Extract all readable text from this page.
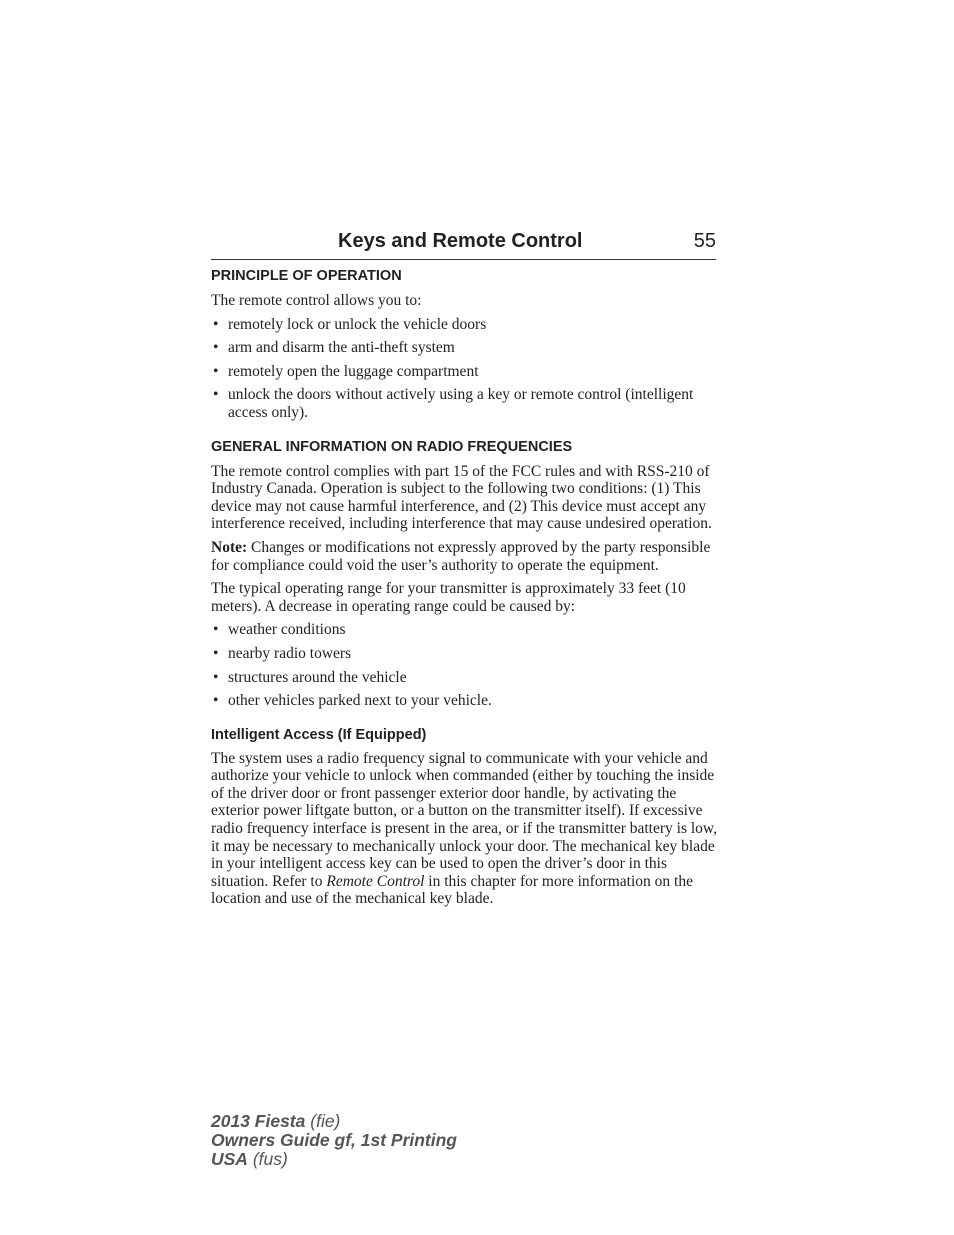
Keys and Remote Control	55
PRINCIPLE OF OPERATION

The remote control allows you to:

• remotely lock or unlock the vehicle doors
• arm and disarm the anti-theft system
• remotely open the luggage compartment
• unlock the doors without actively using a key or remote control (intelligent access only).
GENERAL INFORMATION ON RADIO FREQUENCIES

The remote control complies with part 15 of the FCC rules and with RSS-210 of Industry Canada. Operation is subject to the following two conditions: (1) This device may not cause harmful interference, and (2) This device must accept any interference received, including interference that may cause undesired operation.

Note: Changes or modifications not expressly approved by the party responsible for compliance could void the user’s authority to operate the equipment.

The typical operating range for your transmitter is approximately 33 feet (10 meters). A decrease in operating range could be caused by:

• weather conditions
• nearby radio towers
• structures around the vehicle
• other vehicles parked next to your vehicle.
Intelligent Access (If Equipped)

The system uses a radio frequency signal to communicate with your vehicle and authorize your vehicle to unlock when commanded (either by touching the inside of the driver door or front passenger exterior door handle, by activating the exterior power liftgate button, or a button on the transmitter itself). If excessive radio frequency interface is present in the area, or if the transmitter battery is low, it may be necessary to mechanically unlock your door. The mechanical key blade in your intelligent access key can be used to open the driver’s door in this situation. Refer to Remote Control in this chapter for more information on the location and use of the mechanical key blade.

2013 Fiesta (fie)
Owners Guide gf, 1st Printing
USA (fus)
